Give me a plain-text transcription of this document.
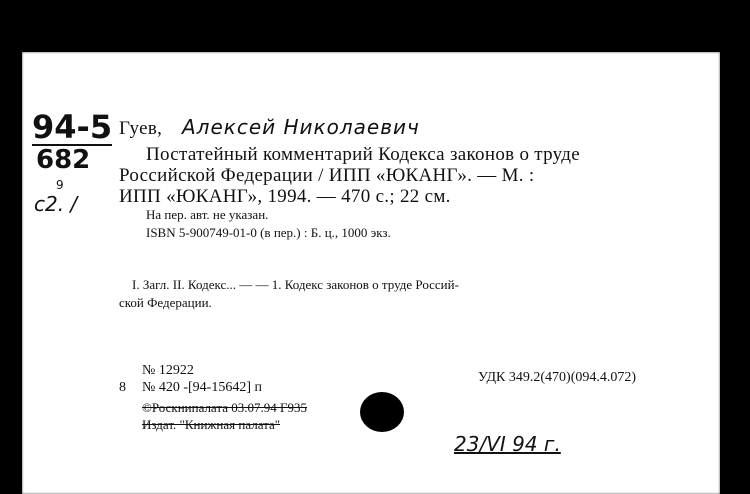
94-5
682
9
c2. /
Гуев, Алексей Николаевич
Постатейный комментарий Кодекса законов о труде
Российской Федерации / ИПП «ЮКАНГ». — М. :
ИПП «ЮКАНГ», 1994. — 470 с.; 22 см.
На пер. авт. не указан.
ISBN 5-900749-01-0 (в пер.) : Б. ц., 1000 экз.
I. Загл. II. Кодекс... — — 1. Кодекс законов о труде Россий-
ской Федерации.
№ 12922
8 № 420 -[94-15642] п
©Роскнипалата 03.07.94 Г935
Издат. "Книжная палата"
УДК 349.2(470)(094.4.072)
23/VI 94 г.
